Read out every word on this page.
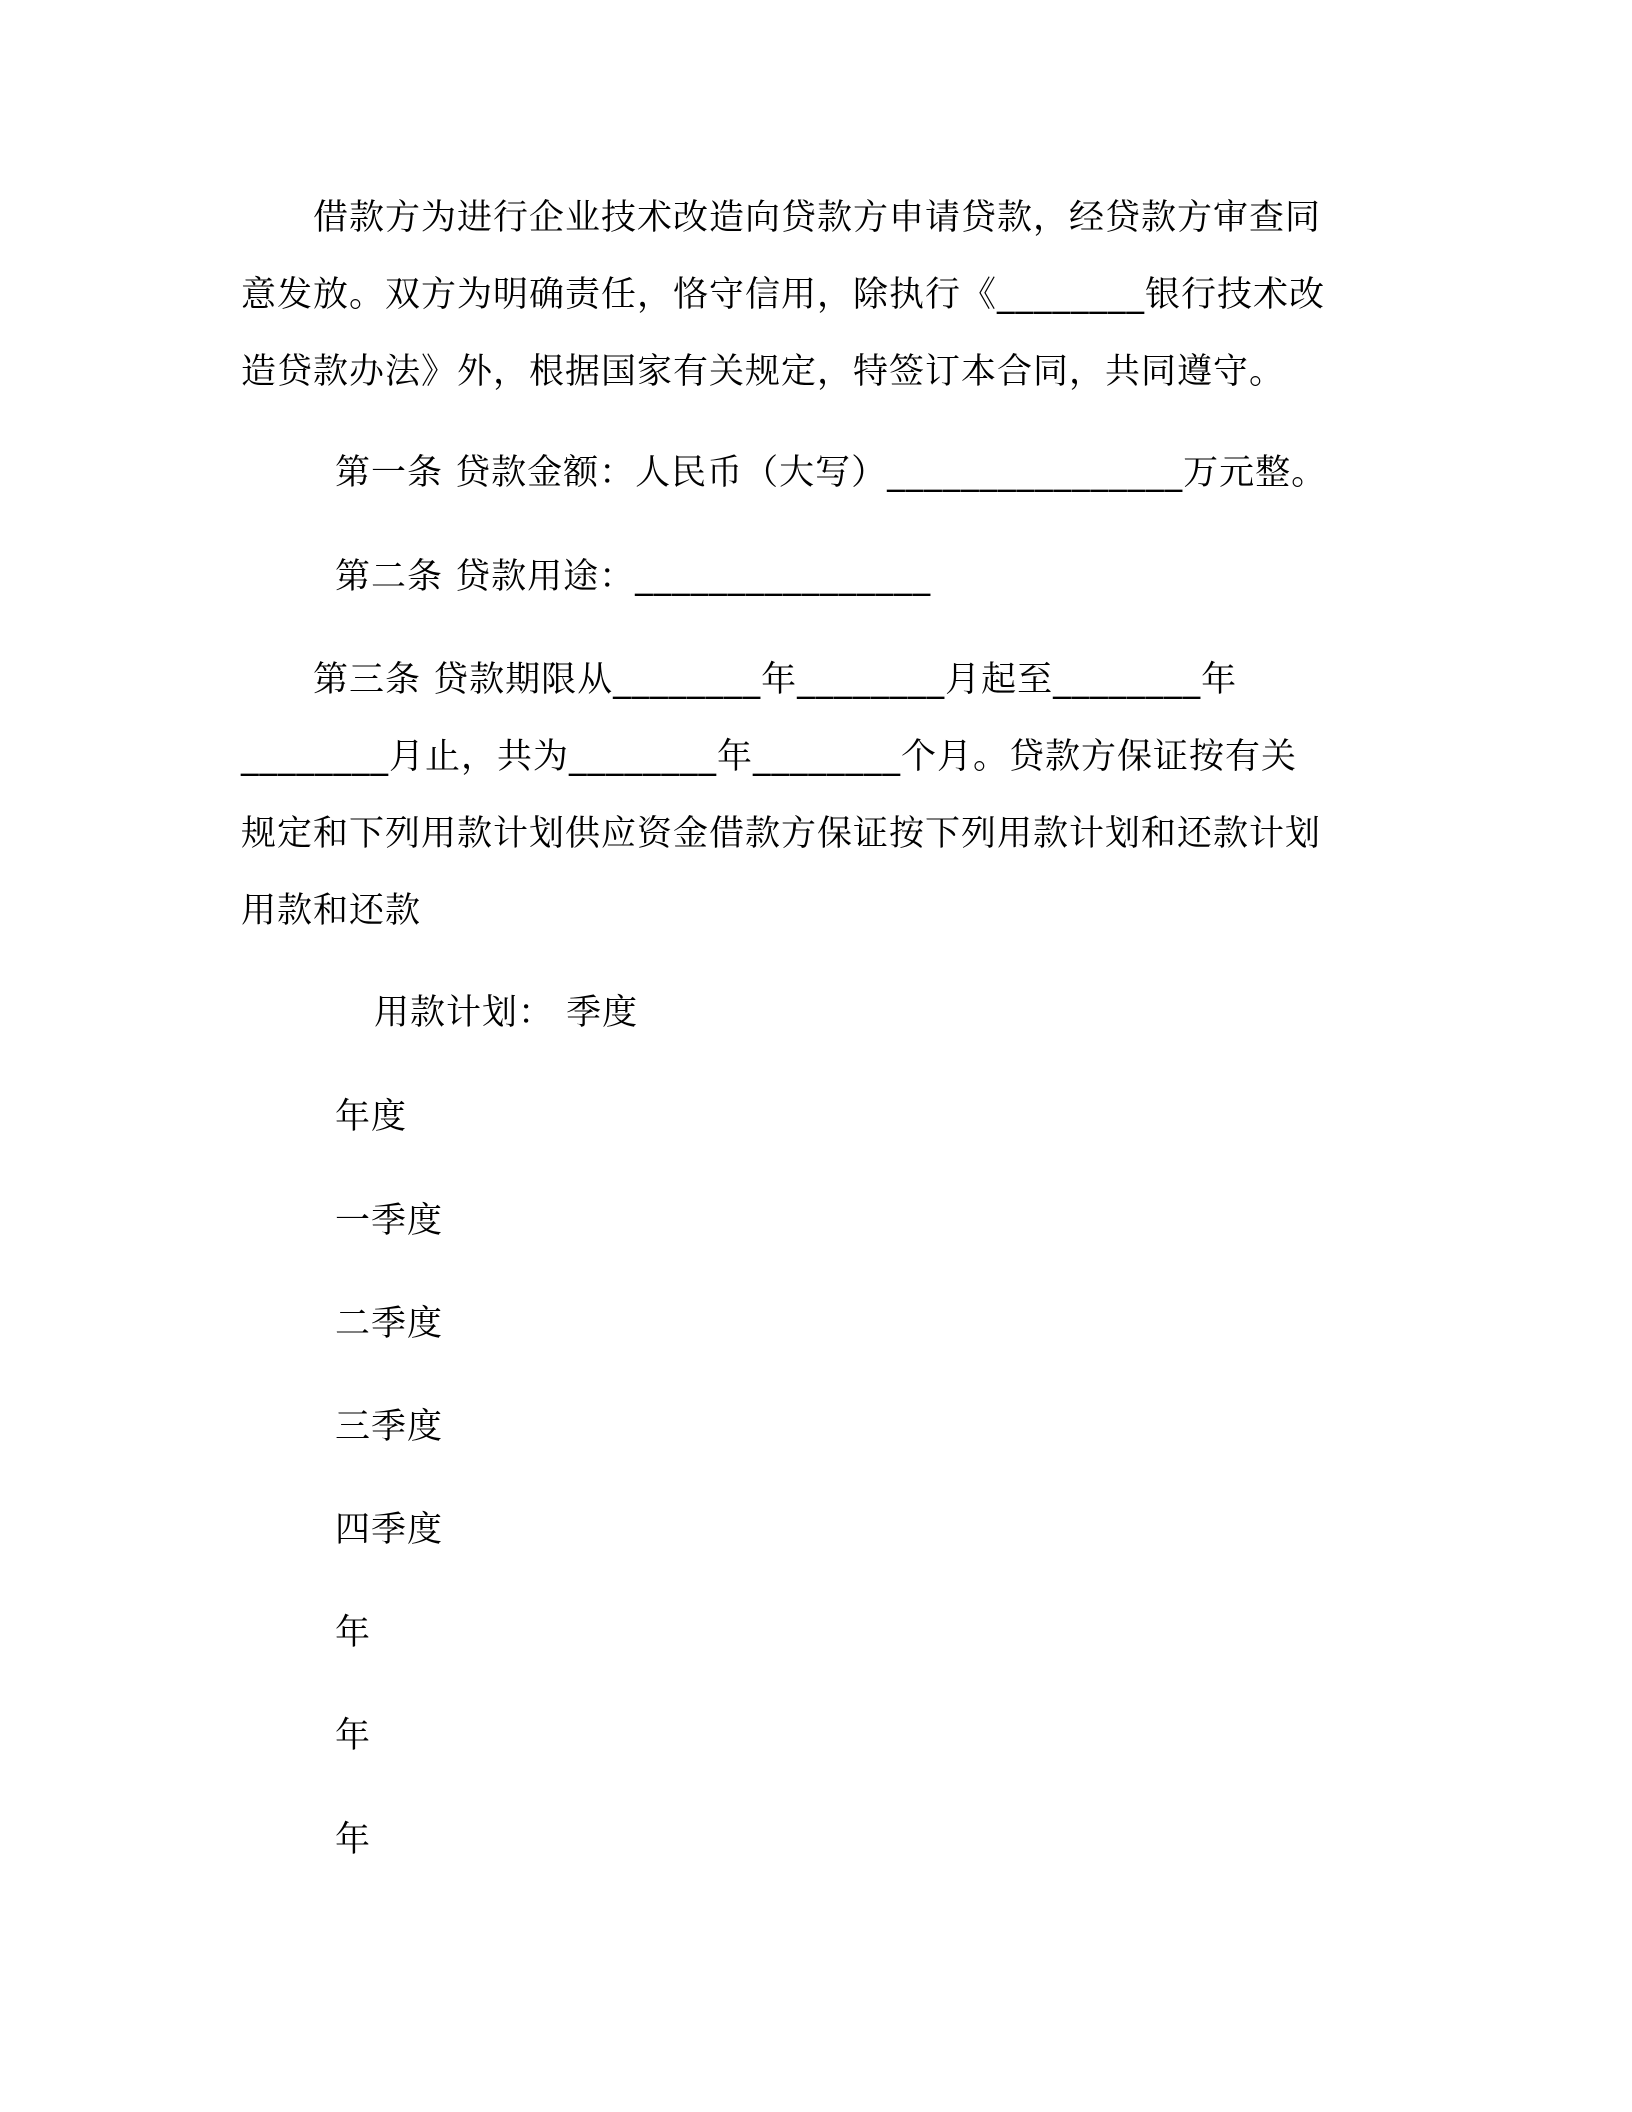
　　借款方为进行企业技术改造向贷款方申请贷款，经贷款方审查同
意发放。双方为明确责任，恪守信用，除执行《________银行技术改
造贷款办法》外，根据国家有关规定，特签订本合同，共同遵守。

第一条 贷款金额：人民币（大写）________________万元整。

第二条 贷款用途：________________

　　第三条 贷款期限从________年________月起至________年
________月止，共为________年________个月。贷款方保证按有关
规定和下列用款计划供应资金借款方保证按下列用款计划和还款计划
用款和还款

用款计划： 季度

年度

一季度

二季度

三季度

四季度

年

年

年
